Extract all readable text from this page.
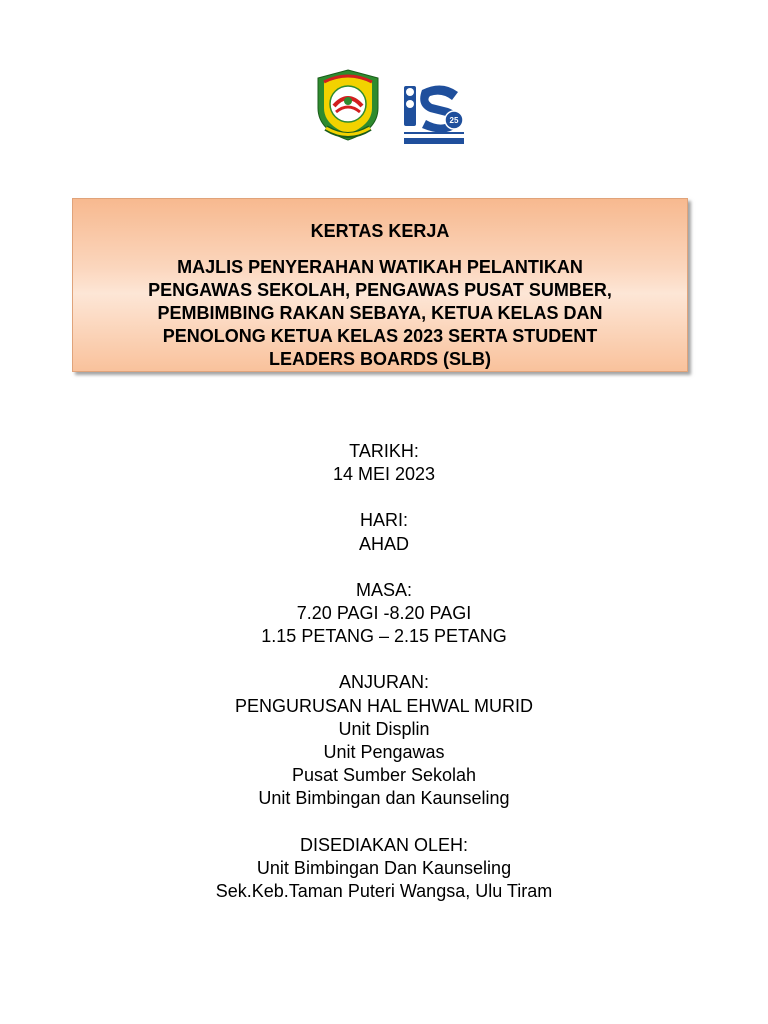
25
KERTAS KERJA
MAJLIS PENYERAHAN WATIKAH PELANTIKAN
PENGAWAS SEKOLAH, PENGAWAS PUSAT SUMBER,
PEMBIMBING RAKAN SEBAYA, KETUA KELAS DAN
PENOLONG KETUA KELAS 2023 SERTA STUDENT
LEADERS BOARDS (SLB)
TARIKH:
14 MEI 2023
HARI:
AHAD
MASA:
7.20 PAGI -8.20 PAGI
1.15 PETANG – 2.15 PETANG
ANJURAN:
PENGURUSAN HAL EHWAL MURID
Unit Displin
Unit Pengawas
Pusat Sumber Sekolah
Unit Bimbingan dan Kaunseling
DISEDIAKAN OLEH:
Unit Bimbingan Dan Kaunseling
Sek.Keb.Taman Puteri Wangsa, Ulu Tiram
